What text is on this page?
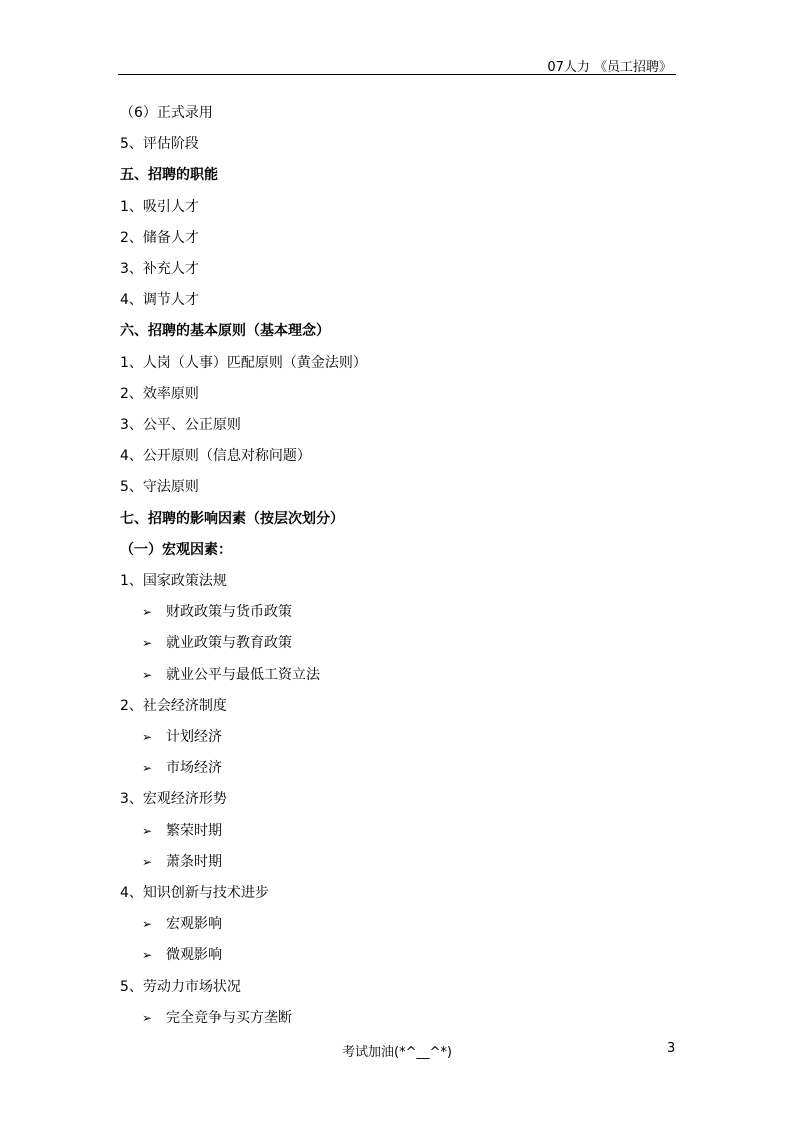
07人力 《员工招聘》
（6）正式录用
5、评估阶段
五、招聘的职能
1、吸引人才
2、储备人才
3、补充人才
4、调节人才
六、招聘的基本原则（基本理念）
1、人岗（人事）匹配原则（黄金法则）
2、效率原则
3、公平、公正原则
4、公开原则（信息对称问题）
5、守法原则
七、招聘的影响因素（按层次划分）
（一）宏观因素：
1、国家政策法规
➢ 财政政策与货币政策
➢ 就业政策与教育政策
➢ 就业公平与最低工资立法
2、社会经济制度
➢ 计划经济
➢ 市场经济
3、宏观经济形势
➢ 繁荣时期
➢ 萧条时期
4、知识创新与技术进步
➢ 宏观影响
➢ 微观影响
5、劳动力市场状况
➢ 完全竞争与买方垄断
考试加油(*^__^*)	3
